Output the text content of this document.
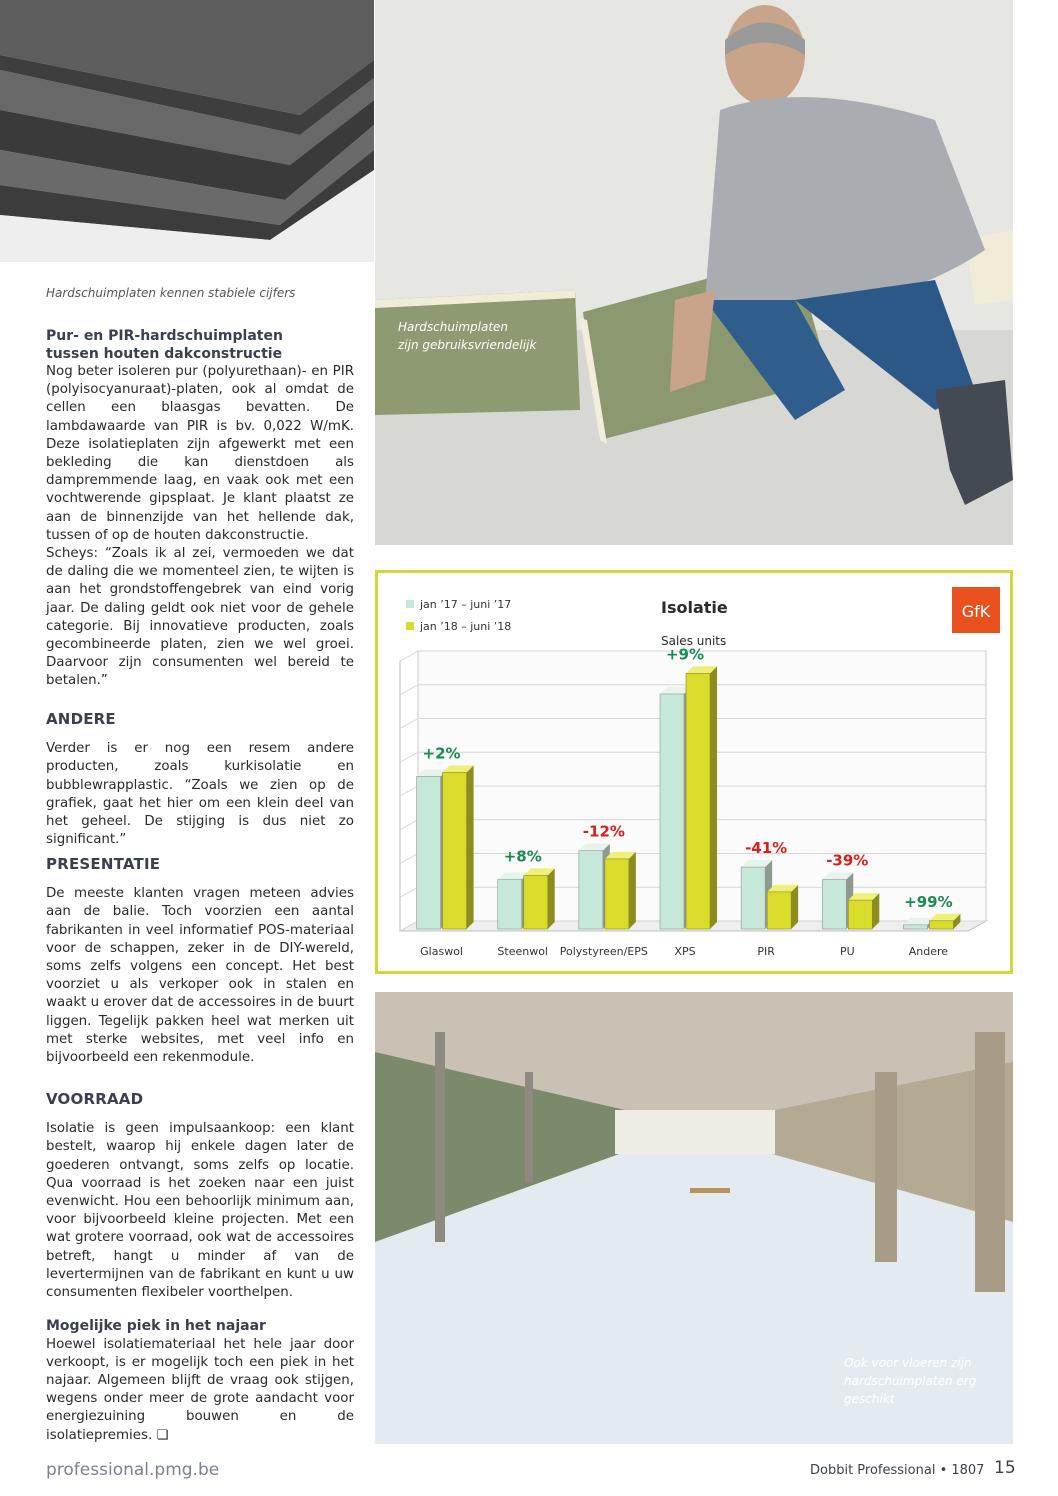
Hardschuimplaten kennen stabiele cijfers
Hardschuimplaten
zijn gebruiksvriendelijk
Pur- en PIR-hardschuimplaten
tussen houten dakconstructie

Nog beter isoleren pur (polyurethaan)- en PIR (polyisocyanuraat)-platen, ook al omdat de cellen een blaasgas bevatten. De lambdawaarde van PIR is bv. 0,022 W/mK. Deze isolatieplaten zijn afgewerkt met een bekleding die kan dienstdoen als dampremmende laag, en vaak ook met een vochtwerende gipsplaat. Je klant plaatst ze aan de binnenzijde van het hellende dak, tussen of op de houten dakconstructie.

Scheys: “Zoals ik al zei, vermoeden we dat de daling die we momenteel zien, te wijten is aan het grondstoffengebrek van eind vorig jaar. De daling geldt ook niet voor de gehele categorie. Bij innovatieve producten, zoals gecombineerde platen, zien we wel groei. Daarvoor zijn consumenten wel bereid te betalen.”

ANDERE

Verder is er nog een resem andere producten, zoals kurkisolatie en bubblewrapplastic. “Zoals we zien op de grafiek, gaat het hier om een klein deel van het geheel. De stijging is dus niet zo significant.”

PRESENTATIE

De meeste klanten vragen meteen advies aan de balie. Toch voorzien een aantal fabrikanten in veel informatief POS-materiaal voor de schappen, zeker in de DIY-wereld, soms zelfs volgens een concept. Het best voorziet u als verkoper ook in stalen en waakt u erover dat de accessoires in de buurt liggen. Tegelijk pakken heel wat merken uit met sterke websites, met veel info en bijvoorbeeld een rekenmodule.

VOORRAAD

Isolatie is geen impulsaankoop: een klant bestelt, waarop hij enkele dagen later de goederen ontvangt, soms zelfs op locatie. Qua voorraad is het zoeken naar een juist evenwicht. Hou een behoorlijk minimum aan, voor bijvoorbeeld kleine projecten. Met een wat grotere voorraad, ook wat de accessoires betreft, hangt u minder af van de levertermijnen van de fabrikant en kunt u uw consumenten flexibeler voorthelpen.

Mogelijke piek in het najaar

Hoewel isolatiemateriaal het hele jaar door verkoopt, is er mogelijk toch een piek in het najaar. Algemeen blijft de vraag ook stijgen, wegens onder meer de grote aandacht voor energiezuining bouwen en de isolatiepremies. ❏

jan ’17 – juni ’17
jan ’18 – juni ’18
Isolatie
Sales units
GfK
+2%
Glaswol
+8%
Steenwol
-12%
Polystyreen/EPS
+9%
XPS
-41%
PIR
-39%
PU
+99%
Andere
Ook voor vloeren zijn
hardschuimplaten erg
geschikt
professional.pmg.be	Dobbit Professional • 1807 15
